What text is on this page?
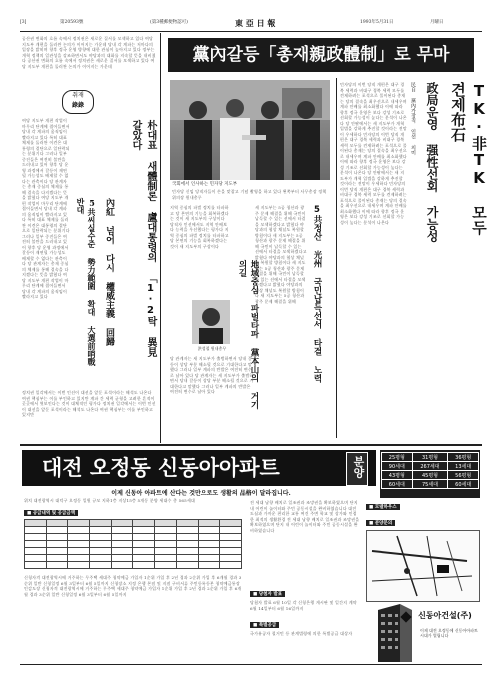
[3]	第20593號	(第3種郵便物認可)	東 亞 日 報	1993年5月31日	月曜日
공산권 변화의 흐름 속에서 정치권은 새로운 질서를 모색하고 있다 여당 지도부 개편을 둘러싼 논의가 이어지는 가운데 당내 각 계파는 저마다의 입장을 밝히며 향후 정국 운영 방향에 대한 관심이 높아지고 있다 정부는 개혁 정책의 일관성을 강조하면서도 야당과의 대화를 지속할 뜻을 내비쳤다 공산권 변화의 흐름 속에서 정치권은 새로운 질서를 모색하고 있다 여당 지도부 개편을 둘러싼 논의가 이어지는 가운데
취재
錄錄
朴대표 새體制론 盧대통령의 「1·2탁 異見갈았다
內紅 넘어 다시 權威主義 回歸
5共씨실수준 勢力範圍 확대 大選前哨戰 반대
여당 지도부 개편 작업이 마무리 단계에 접어들면서 당내 각 계파의 움직임이 빨라지고 있다 특히 대표 체제를 둘러싼 이견은 대통령의 결단으로 일단락되는 분위기다 그러나 일부 중진들은 여전히 불만을 드러내고 있어 향후 당 운영 과정에서 갈등이 재연될 가능성도 배제할 수 없다는 관측이다 당 관계자는 총재 중심의 체제를 통해 결속을 다지겠다는 뜻을 밝혔다 여당 지도부 개편 작업이 마무리 단계에 접어들면서 당내 각 계파의 움직임이 빨라지고 있다 특히 대표 체제를 둘러싼 이견은 대통령의 결단으로 일단락되는 분위기다 그러나 일부 중진들은 여전히 불만을 드러내고 있어 향후 당 운영 과정에서 갈등이 재연될 가능성도 배제할 수 없다는 관측이다 당 관계자는 총재 중심의 체제를 통해 결속을 다지겠다는 뜻을 밝혔다 여당 지도부 개편 작업이 마무리 단계에 접어들면서 당내 각 계파의 움직임이 빨라지고 있다
정치권 일각에서는 이번 인선이 대선을 앞둔 포석이라는 해석도 나온다 여권 핵심부는 이를 부인하고 있지만 계파 간 세력 균형을 고려한 흔적이 곳곳에서 엿보인다는 것이 대체적인 평가다 정치권 일각에서는 이번 인선이 대선을 앞둔 포석이라는 해석도 나온다 여권 핵심부는 이를 부인하고 있지만
黨內갈등「총재親政體制」로 무마
국회에서 인사하는 민자당 지도부
민자당 신임 당직자들이 손을 맞잡고 기념 촬영을 하고 있다 왼쪽부터 사무총장 정책위의장 원내총무	TK·非TK 모두 견제布石
政局운영 强性선회 가능성
民自 黨內가장직 인선 의미
민자당의 이번 당직 개편은 대구 경북 세력과 비대구 경북 세력 모두를 견제하려는 포석으로 풀이된다 총재는 당의 결속을 최우선으로 내세우며 계파 안배를 최소화했다 이에 따라 향후 정국 운영은 보다 강성 기조로 선회할 가능성이 높다는 분석이 나온다 당 안팎에서는 새 지도부가 개혁 입법을 강하게 추진할 것이라는 전망이 우세하다 민자당의 이번 당직 개편은 대구 경북 세력과 비대구 경북 세력 모두를 견제하려는 포석으로 풀이된다 총재는 당의 결속을 최우선으로 내세우며 계파 안배를 최소화했다 이에 따라 향후 정국 운영은 보다 강성 기조로 선회할 가능성이 높다는 분석이 나온다 당 안팎에서는 새 지도부가 개혁 입법을 강하게 추진할 것이라는 전망이 우세하다 민자당의 이번 당직 개편은 대구 경북 세력과 비대구 경북 세력 모두를 견제하려는 포석으로 풀이된다 총재는 당의 결속을 최우선으로 내세우며 계파 안배를 최소화했다 이에 따라 향후 정국 운영은 보다 강성 기조로 선회할 가능성이 높다는 분석이 나온다
5共정산 光州 국민납득선서 타결 노력
地域중심 파벌타파 黨本山의 거기 의길
새 지도부는 5공 청산과 광주 문제 해결을 위해 국민이 납득할 수 있는 선에서 타결을 모색하겠다고 밝혔다 야당과의 협상 채널도 복원할 방침이다 새 지도부는 5공 청산과 광주 문제 해결을 위해 국민이 납득할 수 있는 선에서 타결을 모색하겠다고 밝혔다 야당과의 협상 채널도 복원할 방침이다 새 지도부는 5공 청산과 광주 문제 해결을 위해 국민이 납득할 수 있는 선에서 타결을 모색하겠다고 밝혔다 야당과의 협상 채널도 복원할 방침이다 새 지도부는 5공 청산과 광주 문제 해결을 위해
洪성철 원내총무
지역 중심의 파벌 정치를 타파하고 당 본연의 기능을 회복하겠다는 것이 새 지도부의 구상이다 당직자 인선에서도 지역 안배보다 능력을 우선했다는 평가다 지역 중심의 파벌 정치를 타파하고 당 본연의 기능을 회복하겠다는 것이 새 지도부의 구상이다
당 관계자는 새 지도부가 출범하면서 당내 갈등이 상당 부분 해소될 것으로 기대한다고 말했다 그러나 일부 계파의 반발은 여전히 변수로 남아 있다 당 관계자는 새 지도부가 출범하면서 당내 갈등이 상당 부분 해소될 것으로 기대한다고 말했다 그러나 일부 계파의 반발은 여전히 변수로 남아 있다
대전 오정동 신동아아파트	분양	25평형	31평형	36평형
90세대	267세대	13세대
43평형	45평형	56평형
60세대	75세대	60세대
이제 신동아 아파트에 산다는 것만으로도 생활의 品格이 달라집니다.
■ 공급내역 및 공급금액
위치 대전광역시 대덕구 오정동 일원 규모 지하1층 지상15층 5개동 분양 세대수 총 565세대

신청자격 대전광역시에 거주하는 무주택 세대주 청약예금 가입자 1순위 가입 후 2년 경과 2순위 가입 후 6개월 경과 3순위 일반 신청일정 6월 3일부터 6월 5일까지 신청장소 지정 은행 본점 및 지점 구비서류 주민등록등본 청약예금통장 인감도장 신청자격 대전광역시에 거주하는 무주택 세대주 청약예금 가입자 1순위 가입 후 2년 경과 2순위 가입 후 6개월 경과 3순위 일반 신청일정 6월 3일부터 6월 5일까지
전 세대 남향 배치로 일조권과 조망권을 확보하였으며 단지 내 어린이 놀이터와 주민 공동시설을 완비하였습니다 대전 도심과 가까운 편리한 교통 여건 주변 학교 및 상가와 인접한 최적의 생활환경 전 세대 남향 배치로 일조권과 조망권을 확보하였으며 단지 내 어린이 놀이터와 주민 공동시설을 완비하였습니다
■ 당첨자 발표
당첨자 발표 6월 10일 각 신청은행 게시판 및 일간지 계약 6월 14일부터 6월 16일까지
■ 특별공급
국가유공자 철거민 등 관계법령에 의한 특별공급 대상자
■ 모델하우스
■ 분양문의
$^{신동아건설(주)}$
이제 대전 오정동에 신동아아파트 시대가 열립니다
